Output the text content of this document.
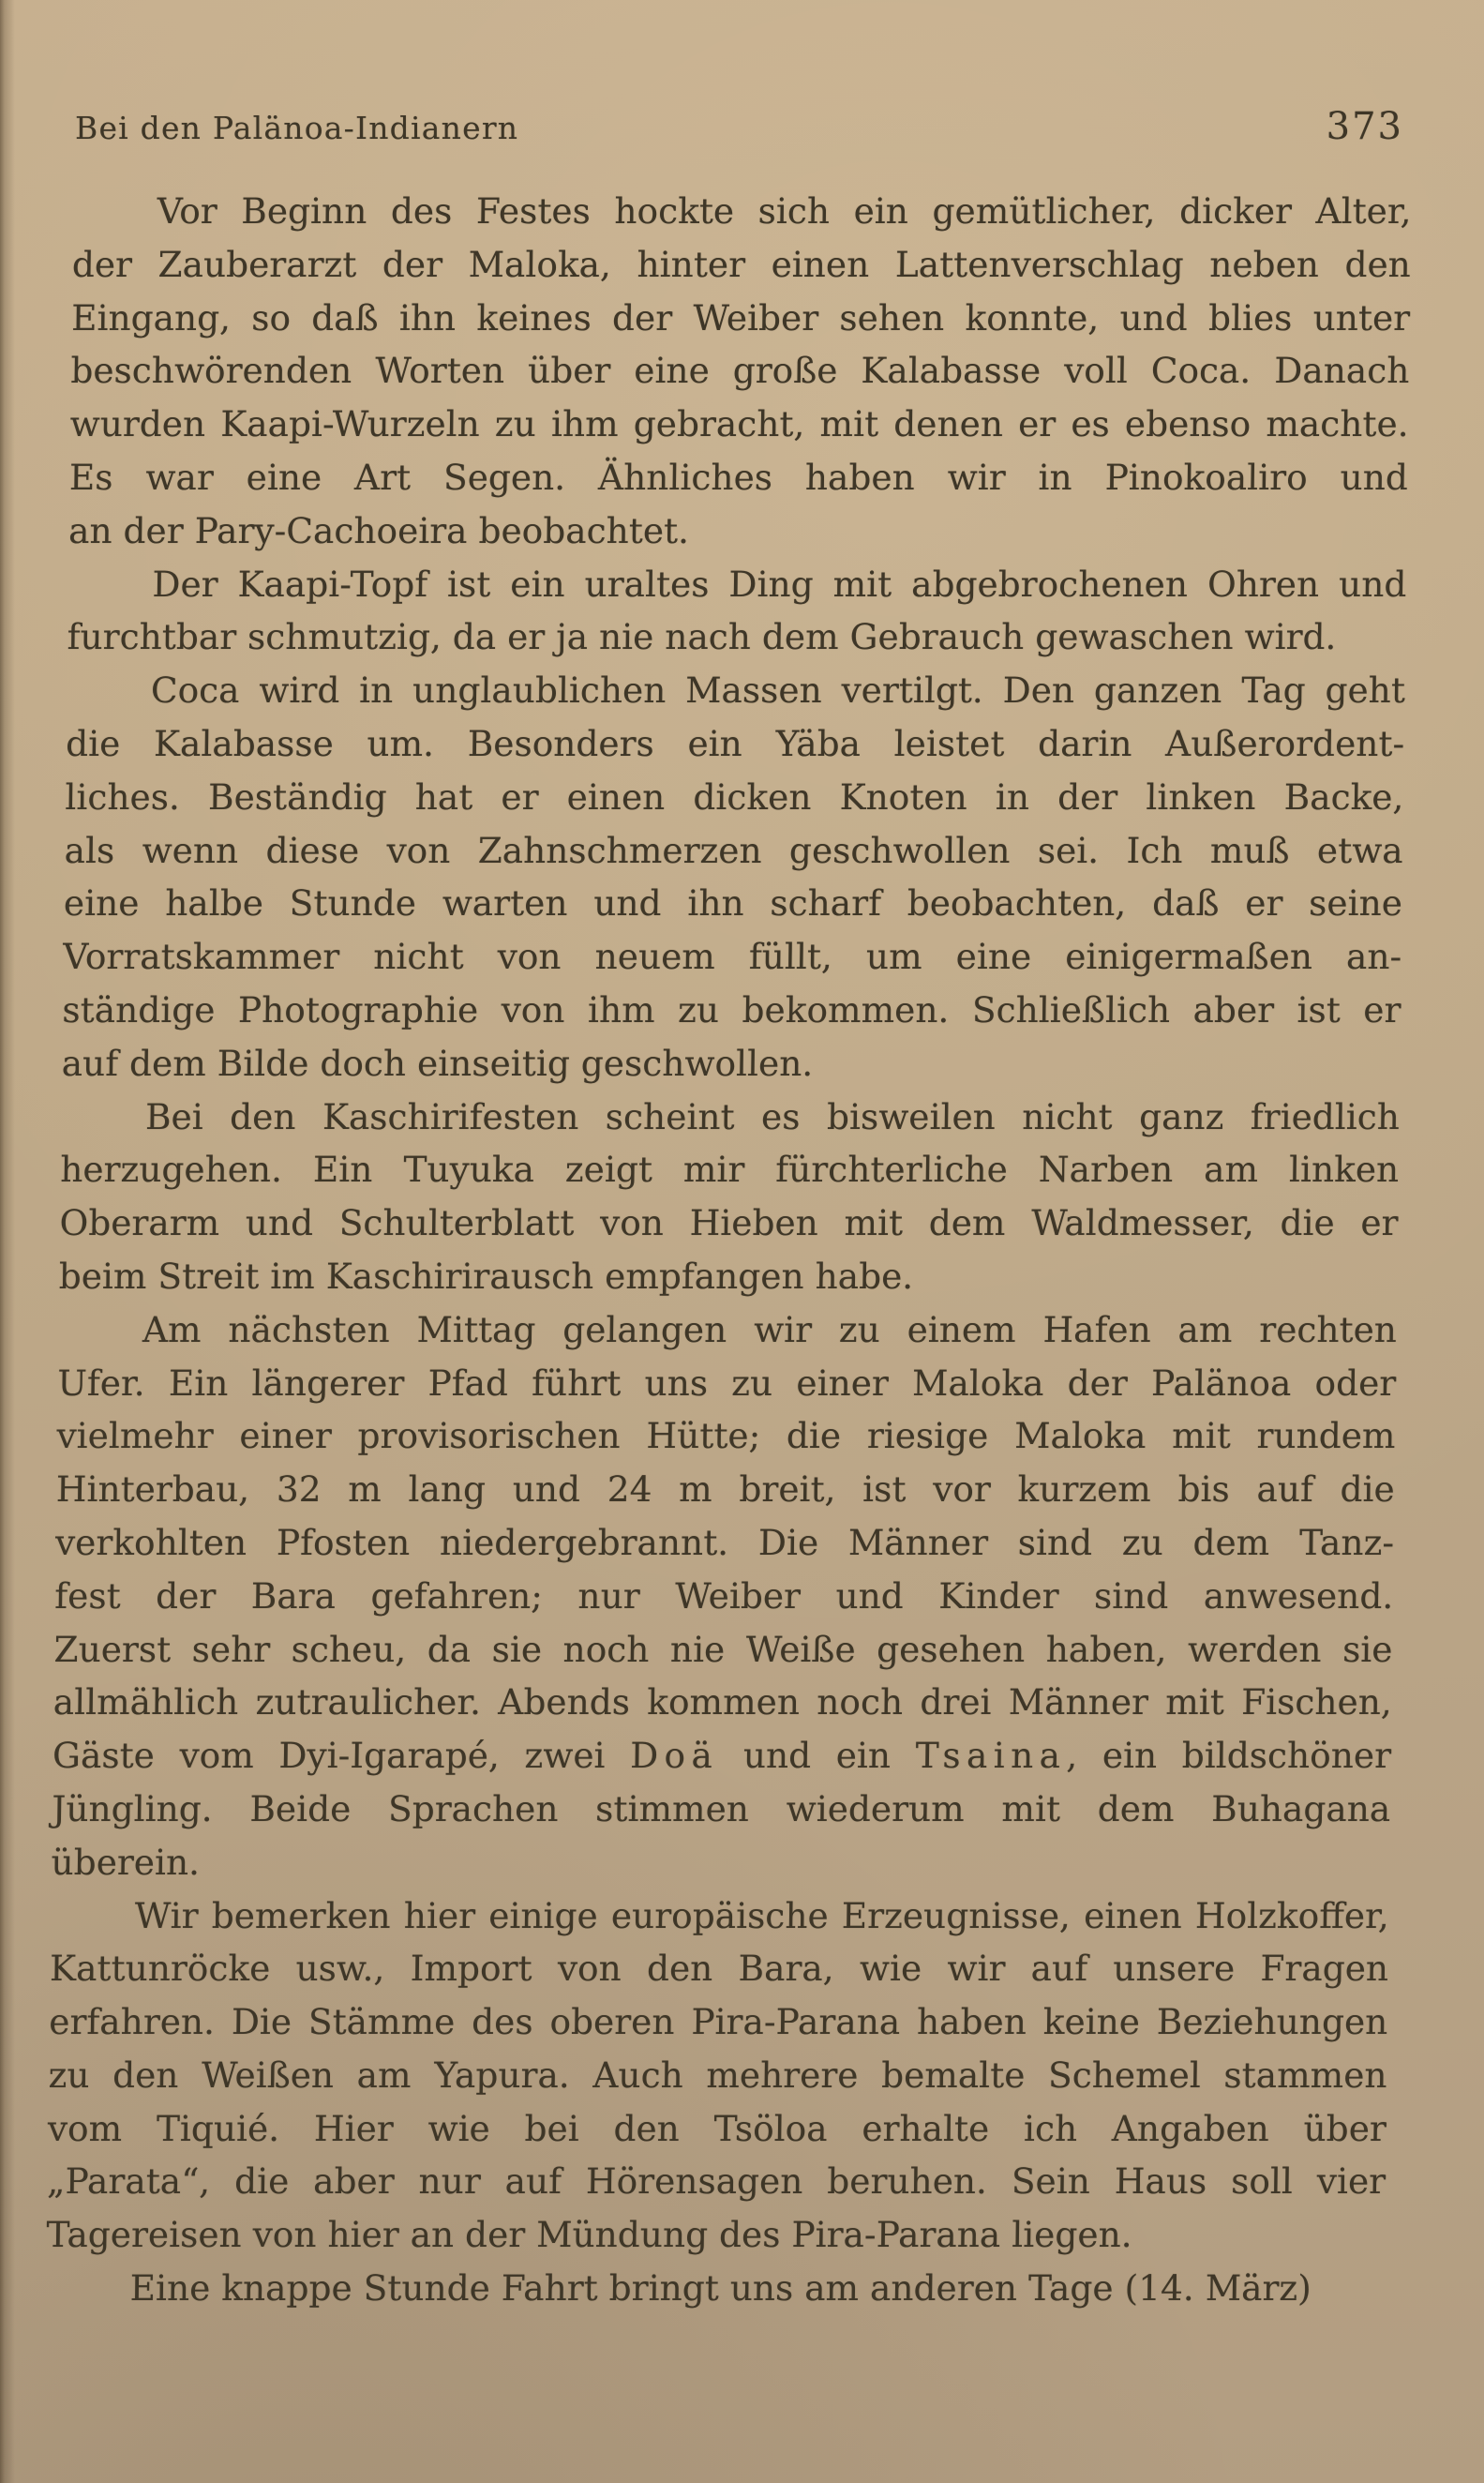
Bei den Palänoa-Indianern	373
Vor Beginn des Festes hockte sich ein gemütlicher, dicker Alter,
der Zauberarzt der Maloka, hinter einen Lattenverschlag neben den
Eingang, so daß ihn keines der Weiber sehen konnte, und blies unter
beschwörenden Worten über eine große Kalabasse voll Coca. Danach
wurden Kaapi-Wurzeln zu ihm gebracht, mit denen er es ebenso machte.
Es war eine Art Segen. Ähnliches haben wir in Pinokoaliro und
an der Pary-Cachoeira beobachtet.
Der Kaapi-Topf ist ein uraltes Ding mit abgebrochenen Ohren und
furchtbar schmutzig, da er ja nie nach dem Gebrauch gewaschen wird.
Coca wird in unglaublichen Massen vertilgt. Den ganzen Tag geht
die Kalabasse um. Besonders ein Yäba leistet darin Außerordent-
liches. Beständig hat er einen dicken Knoten in der linken Backe,
als wenn diese von Zahnschmerzen geschwollen sei. Ich muß etwa
eine halbe Stunde warten und ihn scharf beobachten, daß er seine
Vorratskammer nicht von neuem füllt, um eine einigermaßen an-
ständige Photographie von ihm zu bekommen. Schließlich aber ist er
auf dem Bilde doch einseitig geschwollen.
Bei den Kaschirifesten scheint es bisweilen nicht ganz friedlich
herzugehen. Ein Tuyuka zeigt mir fürchterliche Narben am linken
Oberarm und Schulterblatt von Hieben mit dem Waldmesser, die er
beim Streit im Kaschirirausch empfangen habe.
Am nächsten Mittag gelangen wir zu einem Hafen am rechten
Ufer. Ein längerer Pfad führt uns zu einer Maloka der Palänoa oder
vielmehr einer provisorischen Hütte; die riesige Maloka mit rundem
Hinterbau, 32 m lang und 24 m breit, ist vor kurzem bis auf die
verkohlten Pfosten niedergebrannt. Die Männer sind zu dem Tanz-
fest der Bara gefahren; nur Weiber und Kinder sind anwesend.
Zuerst sehr scheu, da sie noch nie Weiße gesehen haben, werden sie
allmählich zutraulicher. Abends kommen noch drei Männer mit Fischen,
Gäste vom Dyi-Igarapé, zwei Doä und ein Tsaina, ein bildschöner
Jüngling. Beide Sprachen stimmen wiederum mit dem Buhagana
überein.
Wir bemerken hier einige europäische Erzeugnisse, einen Holzkoffer,
Kattunröcke usw., Import von den Bara, wie wir auf unsere Fragen
erfahren. Die Stämme des oberen Pira-Parana haben keine Beziehungen
zu den Weißen am Yapura. Auch mehrere bemalte Schemel stammen
vom Tiquié. Hier wie bei den Tsöloa erhalte ich Angaben über
„Parata“, die aber nur auf Hörensagen beruhen. Sein Haus soll vier
Tagereisen von hier an der Mündung des Pira-Parana liegen.
Eine knappe Stunde Fahrt bringt uns am anderen Tage (14. März)
